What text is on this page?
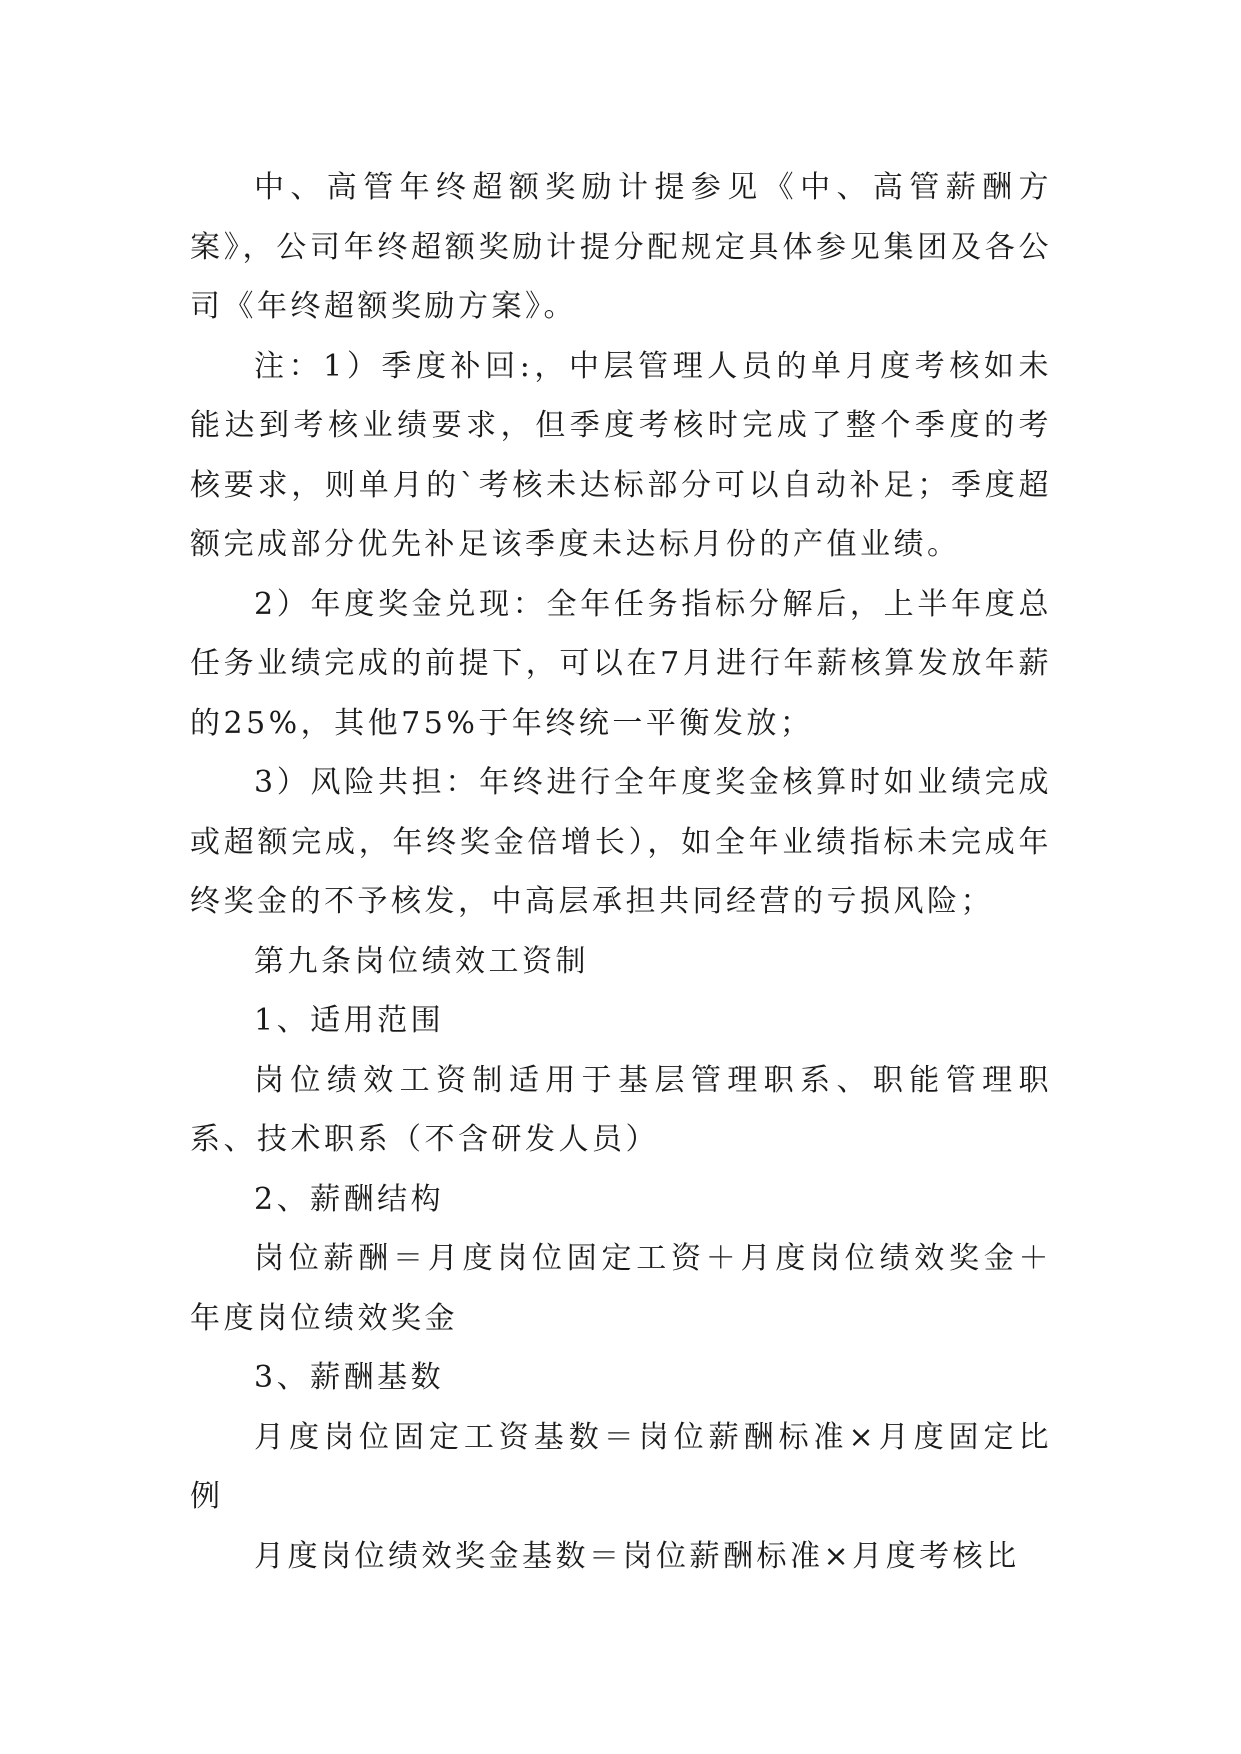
中、高管年终超额奖励计提参见《中、高管薪酬方案》，公司年终超额奖励计提分配规定具体参见集团及各公司《年终超额奖励方案》。

注：1）季度补回:，中层管理人员的单月度考核如未能达到考核业绩要求，但季度考核时完成了整个季度的考核要求，则单月的`考核未达标部分可以自动补足；季度超额完成部分优先补足该季度未达标月份的产值业绩。

2）年度奖金兑现：全年任务指标分解后，上半年度总任务业绩完成的前提下，可以在7月进行年薪核算发放年薪的25%，其他75%于年终统一平衡发放；

3）风险共担：年终进行全年度奖金核算时如业绩完成或超额完成，年终奖金倍增长），如全年业绩指标未完成年终奖金的不予核发，中高层承担共同经营的亏损风险；

第九条岗位绩效工资制

1、适用范围

岗位绩效工资制适用于基层管理职系、职能管理职系、技术职系（不含研发人员）

2、薪酬结构

岗位薪酬＝月度岗位固定工资＋月度岗位绩效奖金＋年度岗位绩效奖金

3、薪酬基数

月度岗位固定工资基数＝岗位薪酬标准×月度固定比例

月度岗位绩效奖金基数＝岗位薪酬标准×月度考核比
